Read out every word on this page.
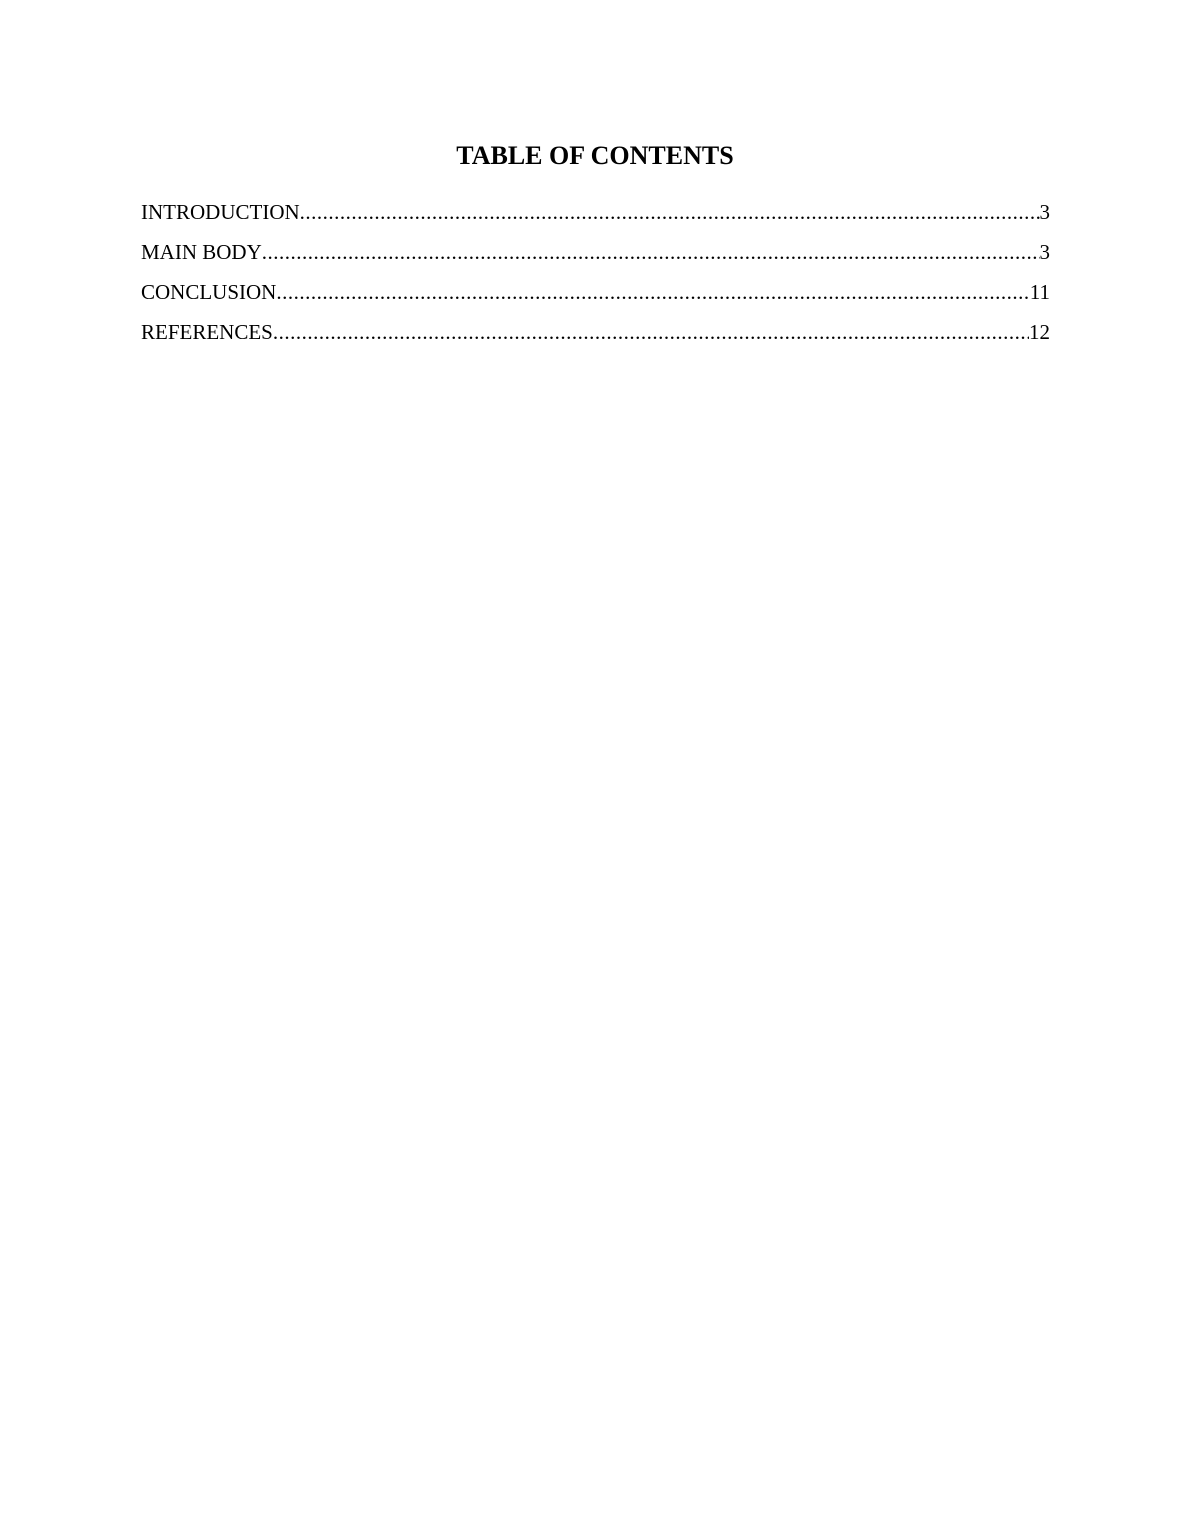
TABLE OF CONTENTS
INTRODUCTION .....	3
MAIN BODY .....	3
CONCLUSION .....	11
REFERENCES .....	12
